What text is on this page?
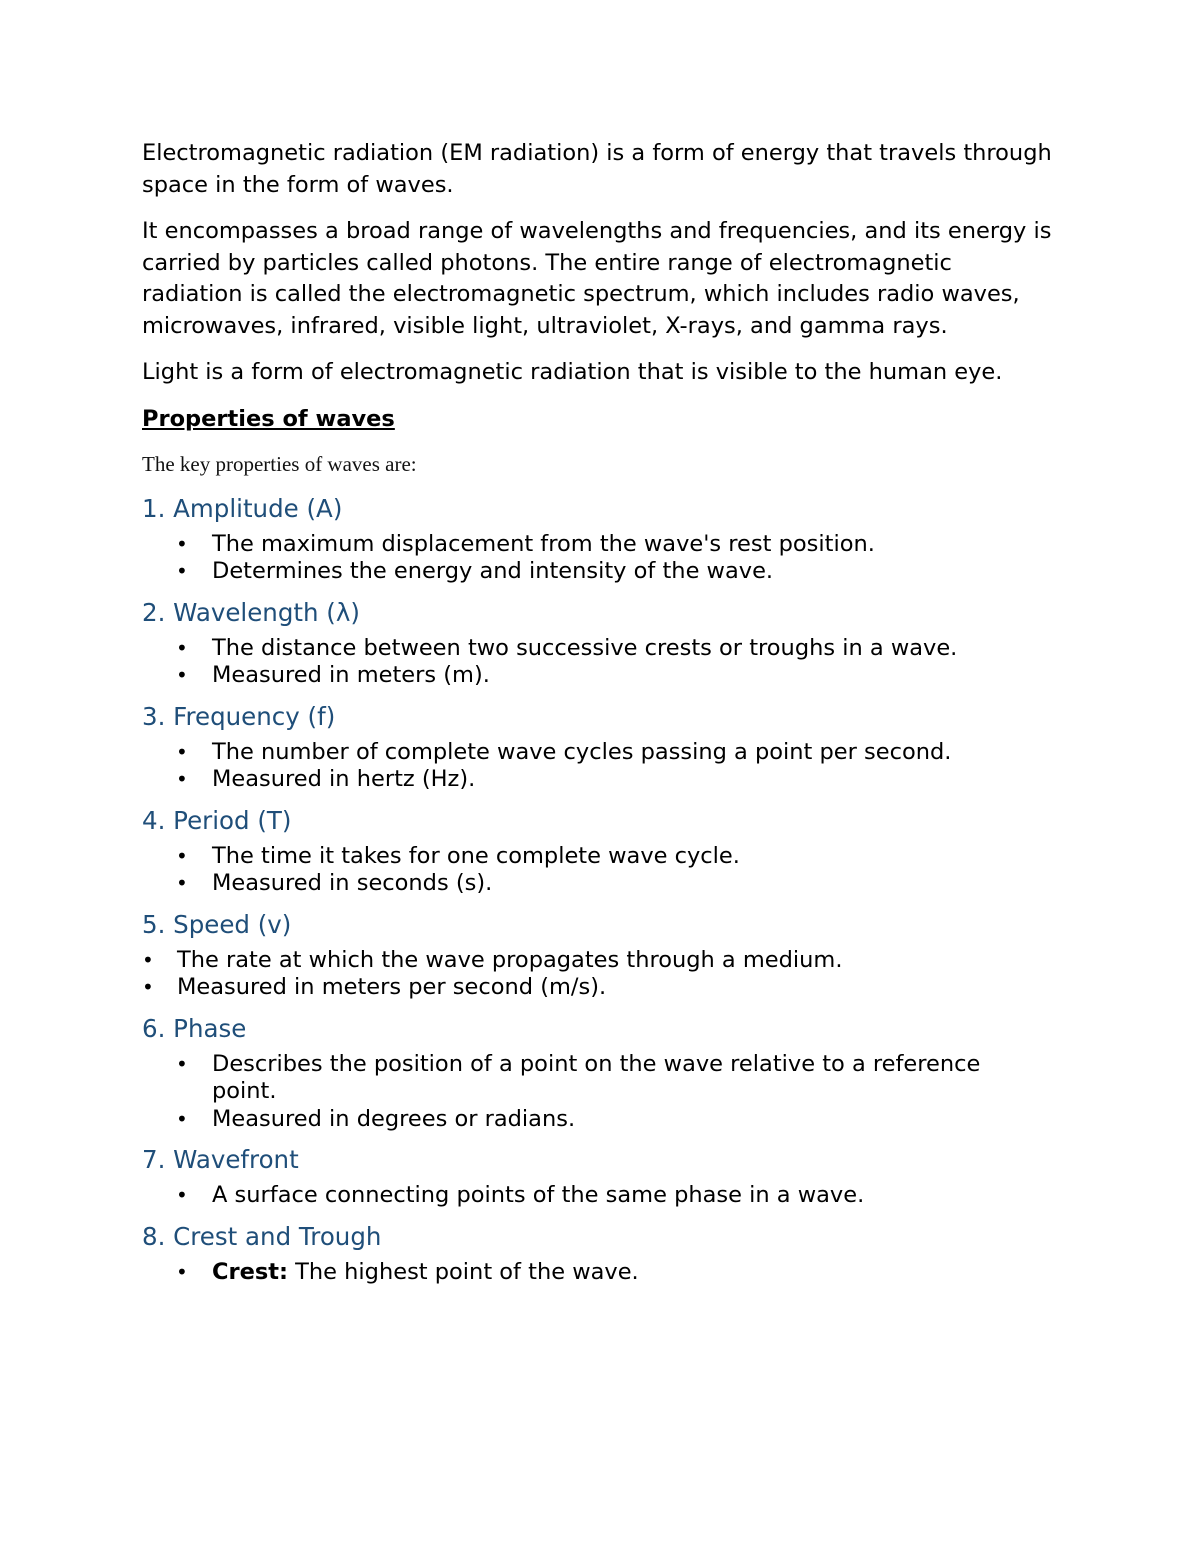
Electromagnetic radiation (EM radiation) is a form of energy that travels through space in the form of waves.

It encompasses a broad range of wavelengths and frequencies, and its energy is carried by particles called photons. The entire range of electromagnetic radiation is called the electromagnetic spectrum, which includes radio waves, microwaves, infrared, visible light, ultraviolet, X-rays, and gamma rays.

Light is a form of electromagnetic radiation that is visible to the human eye.

Properties of waves
The key properties of waves are:
1. Amplitude (A)
• The maximum displacement from the wave's rest position.
• Determines the energy and intensity of the wave.
2. Wavelength (λ)
• The distance between two successive crests or troughs in a wave.
• Measured in meters (m).
3. Frequency (f)
• The number of complete wave cycles passing a point per second.
• Measured in hertz (Hz).
4. Period (T)
• The time it takes for one complete wave cycle.
• Measured in seconds (s).
5. Speed (v)
• The rate at which the wave propagates through a medium.
• Measured in meters per second (m/s).
6. Phase
• Describes the position of a point on the wave relative to a reference point.
• Measured in degrees or radians.
7. Wavefront
• A surface connecting points of the same phase in a wave.
8. Crest and Trough
• Crest: The highest point of the wave.
